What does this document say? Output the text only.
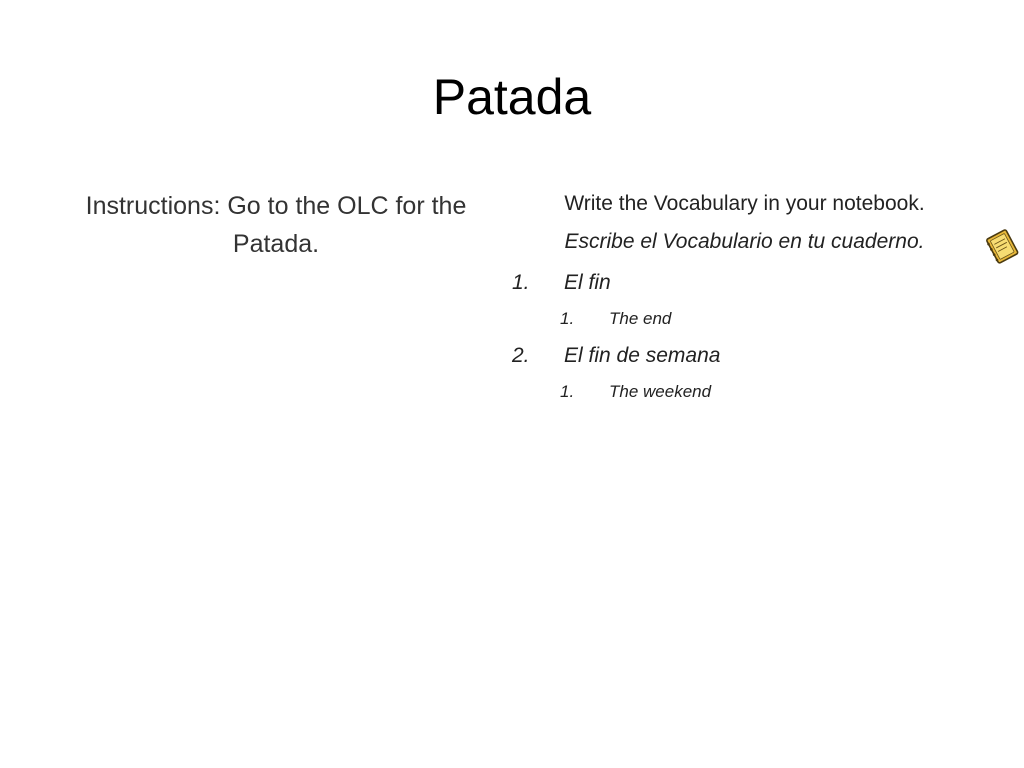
Patada
Instructions: Go to the OLC for the Patada.
Write the Vocabulary in your notebook.
Escribe el Vocabulario en tu cuaderno.
1. El fin
1. The end
2. El fin de semana
1. The weekend
